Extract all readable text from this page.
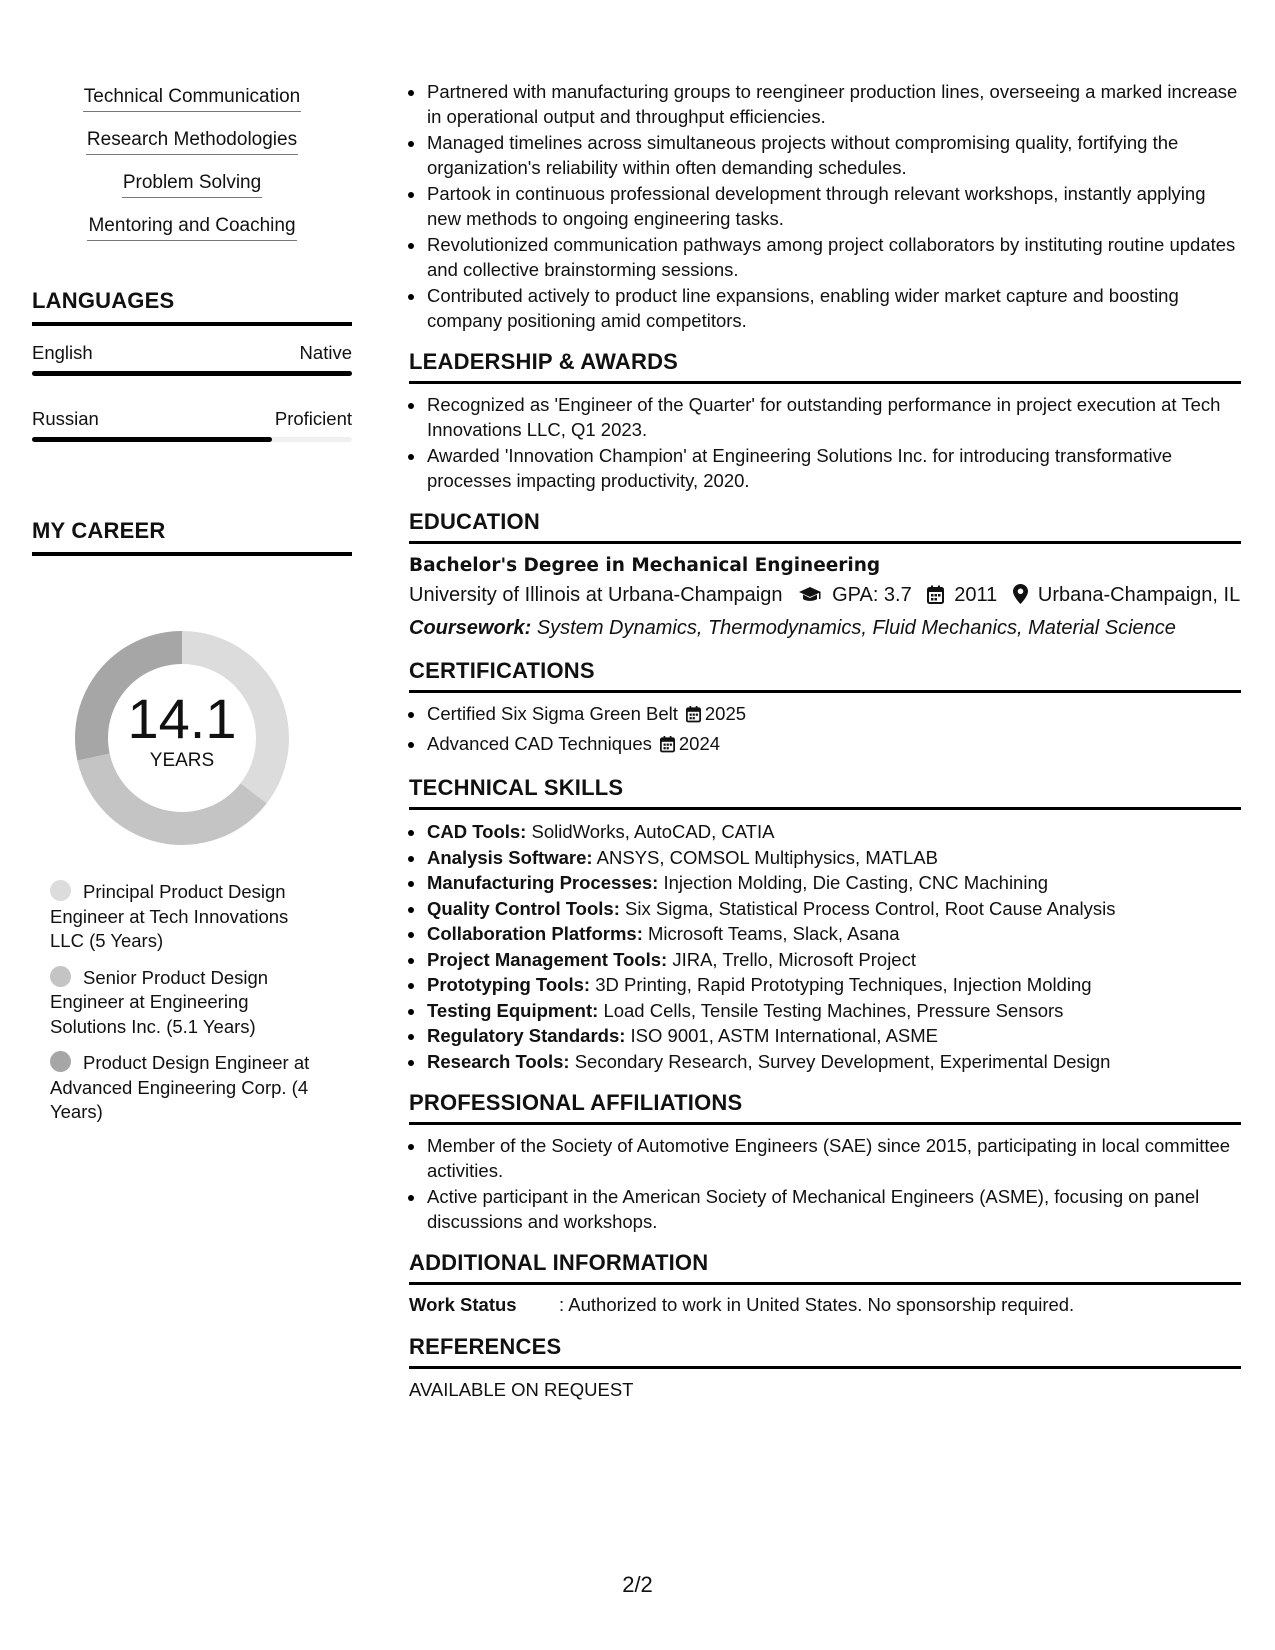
Technical Communication
Research Methodologies
Problem Solving
Mentoring and Coaching
LANGUAGES
English	Native
Russian	Proficient
MY CAREER
14.1
YEARS
Principal Product Design Engineer at Tech Innovations LLC (5 Years)
Senior Product Design Engineer at Engineering Solutions Inc. (5.1 Years)
Product Design Engineer at Advanced Engineering Corp. (4 Years)
Partnered with manufacturing groups to reengineer production lines, overseeing a marked increase in operational output and throughput efficiencies.
Managed timelines across simultaneous projects without compromising quality, fortifying the organization's reliability within often demanding schedules.
Partook in continuous professional development through relevant workshops, instantly applying new methods to ongoing engineering tasks.
Revolutionized communication pathways among project collaborators by instituting routine updates and collective brainstorming sessions.
Contributed actively to product line expansions, enabling wider market capture and boosting company positioning amid competitors.
LEADERSHIP & AWARDS
Recognized as 'Engineer of the Quarter' for outstanding performance in project execution at Tech Innovations LLC, Q1 2023.
Awarded 'Innovation Champion' at Engineering Solutions Inc. for introducing transformative processes impacting productivity, 2020.
EDUCATION
Bachelor's Degree in Mechanical Engineering
University of Illinois at Urbana-Champaign GPA: 3.7 2011 Urbana-Champaign, IL
Coursework: System Dynamics, Thermodynamics, Fluid Mechanics, Material Science
CERTIFICATIONS
Certified Six Sigma Green Belt 2025
Advanced CAD Techniques 2024
TECHNICAL SKILLS
CAD Tools: SolidWorks, AutoCAD, CATIA
Analysis Software: ANSYS, COMSOL Multiphysics, MATLAB
Manufacturing Processes: Injection Molding, Die Casting, CNC Machining
Quality Control Tools: Six Sigma, Statistical Process Control, Root Cause Analysis
Collaboration Platforms: Microsoft Teams, Slack, Asana
Project Management Tools: JIRA, Trello, Microsoft Project
Prototyping Tools: 3D Printing, Rapid Prototyping Techniques, Injection Molding
Testing Equipment: Load Cells, Tensile Testing Machines, Pressure Sensors
Regulatory Standards: ISO 9001, ASTM International, ASME
Research Tools: Secondary Research, Survey Development, Experimental Design
PROFESSIONAL AFFILIATIONS
Member of the Society of Automotive Engineers (SAE) since 2015, participating in local committee activities.
Active participant in the American Society of Mechanical Engineers (ASME), focusing on panel discussions and workshops.
ADDITIONAL INFORMATION
Work Status : Authorized to work in United States. No sponsorship required.
REFERENCES
AVAILABLE ON REQUEST
2/2
